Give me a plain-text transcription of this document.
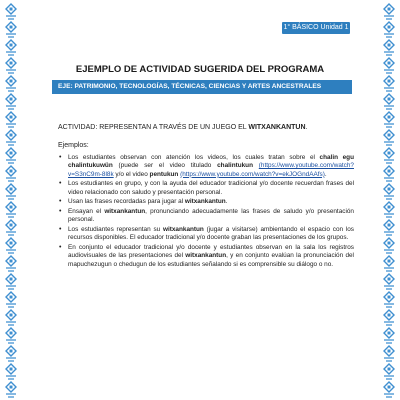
1° BÁSICO Unidad 1
EJEMPLO DE ACTIVIDAD SUGERIDA DEL PROGRAMA
EJE: PATRIMONIO, TECNOLOGÍAS, TÉCNICAS, CIENCIAS Y ARTES ANCESTRALES
ACTIVIDAD: REPRESENTAN A TRAVÉS DE UN JUEGO EL WITXANKANTUN.
Ejemplos:
• Los estudiantes observan con atención los videos, los cuales tratan sobre el chalin egu chalintukuwün (puede ser el video titulado chalintukun (https://www.youtube.com/watch?v=S3nC9m-8l8k y/o el video pentukun (https://www.youtube.com/watch?v=ekJOGndAAfs).
• Los estudiantes en grupo, y con la ayuda del educador tradicional y/o docente recuerdan frases del video relacionado con saludo y presentación personal.
• Usan las frases recordadas para jugar al witxankantun.
• Ensayan el witxankantun, pronunciando adecuadamente las frases de saludo y/o presentación personal.
• Los estudiantes representan su witxankantun (jugar a visitarse) ambientando el espacio con los recursos disponibles. El educador tradicional y/o docente graban las presentaciones de los grupos.
• En conjunto el educador tradicional y/o docente y estudiantes observan en la sala los registros audiovisuales de las presentaciones del witxankantun, y en conjunto evalúan la pronunciación del mapuchezugun o chedugun de los estudiantes señalando si es comprensible su diálogo o no.
